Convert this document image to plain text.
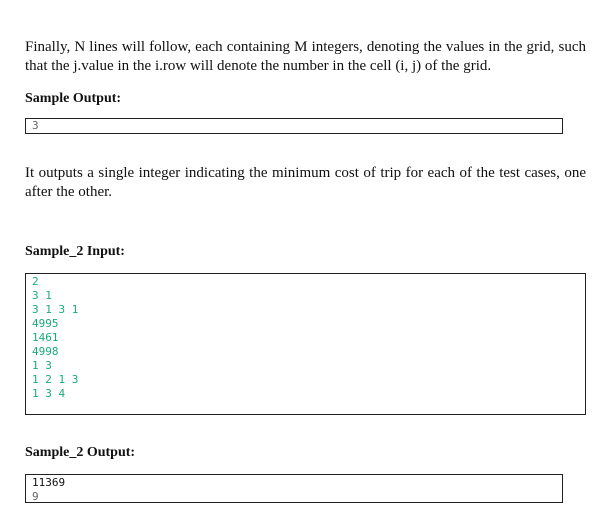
Finally, N lines will follow, each containing M integers, denoting the values in the grid, such that the j.value in the i.row will denote the number in the cell (i, j) of the grid.

Sample Output:

3

It outputs a single integer indicating the minimum cost of trip for each of the test cases, one after the other.

Sample_2 Input:

2
3 1
3 1 3 1
4995
1461
4998
1 3
1 2 1 3
1 3 4

Sample_2 Output:

11369
9
